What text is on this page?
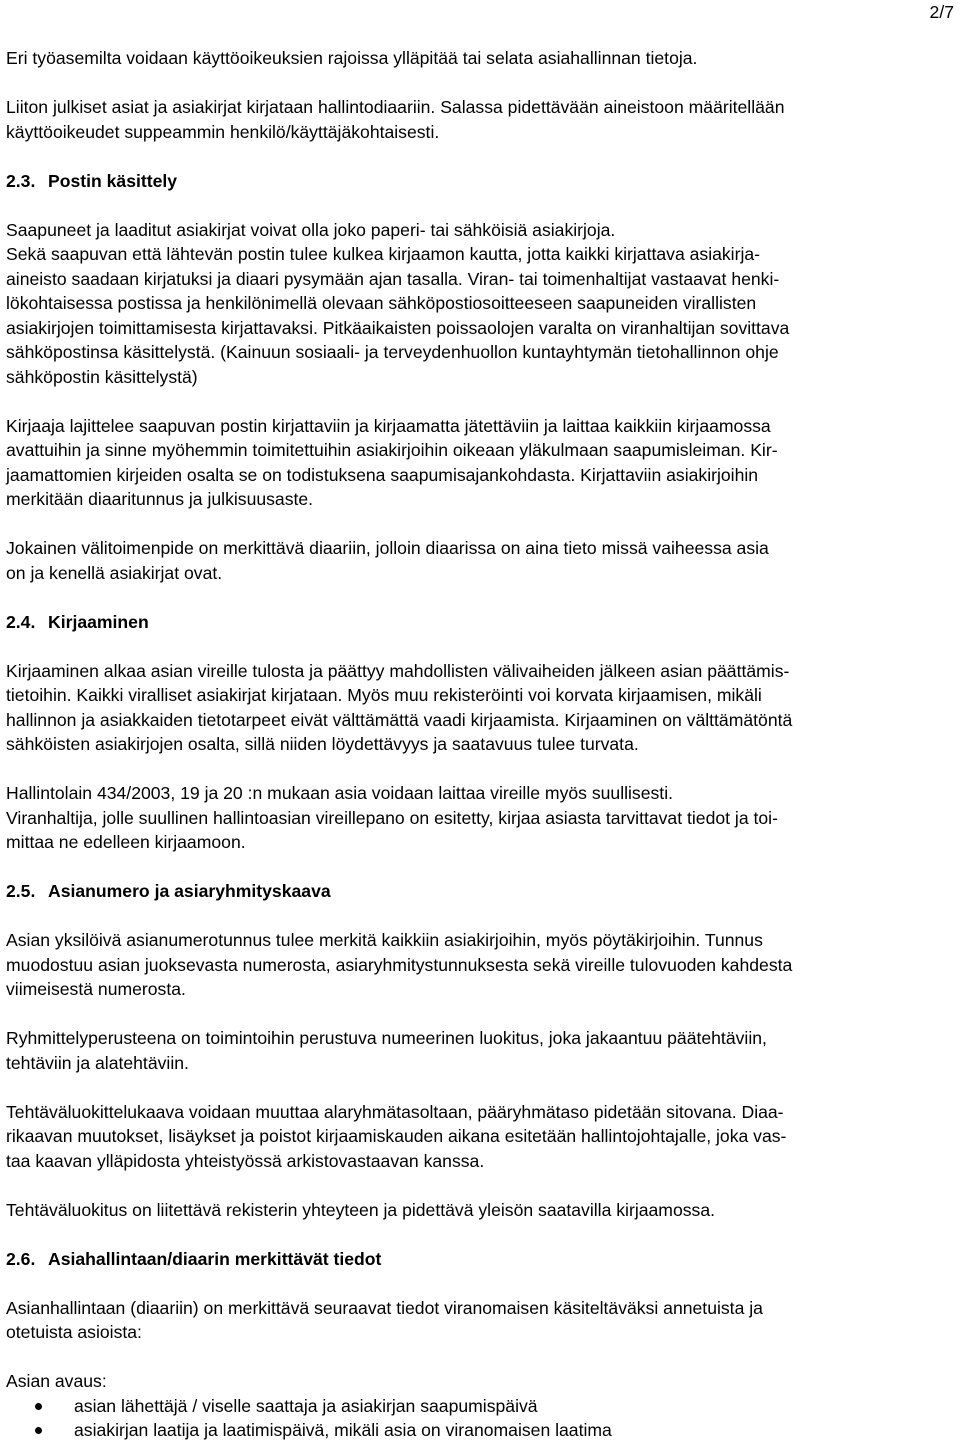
2/7

Eri työasemilta voidaan käyttöoikeuksien rajoissa ylläpitää tai selata asiahallinnan tietoja.

Liiton julkiset asiat ja asiakirjat kirjataan hallintodiaariin. Salassa pidettävään aineistoon määritellään
käyttöoikeudet suppeammin henkilö/käyttäjäkohtaisesti.

2.3. Postin käsittely

Saapuneet ja laaditut asiakirjat voivat olla joko paperi- tai sähköisiä asiakirjoja.
Sekä saapuvan että lähtevän postin tulee kulkea kirjaamon kautta, jotta kaikki kirjattava asiakirja-
aineisto saadaan kirjatuksi ja diaari pysymään ajan tasalla. Viran- tai toimenhaltijat vastaavat henki-
lökohtaisessa postissa ja henkilönimellä olevaan sähköpostiosoitteeseen saapuneiden virallisten
asiakirjojen toimittamisesta kirjattavaksi. Pitkäaikaisten poissaolojen varalta on viranhaltijan sovittava
sähköpostinsa käsittelystä. (Kainuun sosiaali- ja terveydenhuollon kuntayhtymän tietohallinnon ohje
sähköpostin käsittelystä)

Kirjaaja lajittelee saapuvan postin kirjattaviin ja kirjaamatta jätettäviin ja laittaa kaikkiin kirjaamossa
avattuihin ja sinne myöhemmin toimitettuihin asiakirjoihin oikeaan yläkulmaan saapumisleiman. Kir-
jaamattomien kirjeiden osalta se on todistuksena saapumisajankohdasta. Kirjattaviin asiakirjoihin
merkitään diaaritunnus ja julkisuusaste.

Jokainen välitoimenpide on merkittävä diaariin, jolloin diaarissa on aina tieto missä vaiheessa asia
on ja kenellä asiakirjat ovat.

2.4. Kirjaaminen

Kirjaaminen alkaa asian vireille tulosta ja päättyy mahdollisten välivaiheiden jälkeen asian päättämis-
tietoihin. Kaikki viralliset asiakirjat kirjataan. Myös muu rekisteröinti voi korvata kirjaamisen, mikäli
hallinnon ja asiakkaiden tietotarpeet eivät välttämättä vaadi kirjaamista. Kirjaaminen on välttämätöntä
sähköisten asiakirjojen osalta, sillä niiden löydettävyys ja saatavuus tulee turvata.

Hallintolain 434/2003, 19 ja 20 :n mukaan asia voidaan laittaa vireille myös suullisesti.
Viranhaltija, jolle suullinen hallintoasian vireillepano on esitetty, kirjaa asiasta tarvittavat tiedot ja toi-
mittaa ne edelleen kirjaamoon.

2.5. Asianumero ja asiaryhmityskaava

Asian yksilöivä asianumerotunnus tulee merkitä kaikkiin asiakirjoihin, myös pöytäkirjoihin. Tunnus
muodostuu asian juoksevasta numerosta, asiaryhmitystunnuksesta sekä vireille tulovuoden kahdesta
viimeisestä numerosta.

Ryhmittelyperusteena on toimintoihin perustuva numeerinen luokitus, joka jakaantuu päätehtäviin,
tehtäviin ja alatehtäviin.

Tehtäväluokittelukaava voidaan muuttaa alaryhmätasoltaan, pääryhmätaso pidetään sitovana. Diaa-
rikaavan muutokset, lisäykset ja poistot kirjaamiskauden aikana esitetään hallintojohtajalle, joka vas-
taa kaavan ylläpidosta yhteistyössä arkistovastaavan kanssa.

Tehtäväluokitus on liitettävä rekisterin yhteyteen ja pidettävä yleisön saatavilla kirjaamossa.

2.6. Asiahallintaan/diaarin merkittävät tiedot

Asianhallintaan (diaariin) on merkittävä seuraavat tiedot viranomaisen käsiteltäväksi annetuista ja
otetuista asioista:

Asian avaus:
asian lähettäjä / viselle saattaja ja asiakirjan saapumispäivä
asiakirjan laatija ja laatimispäivä, mikäli asia on viranomaisen laatima
